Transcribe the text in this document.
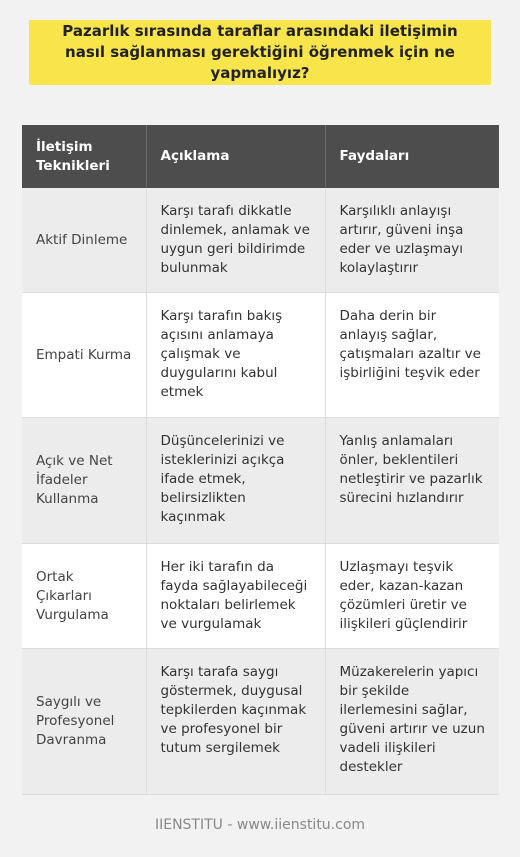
Pazarlık sırasında taraflar arasındaki iletişimin nasıl sağlanması gerektiğini öğrenmek için ne yapmalıyız?
İletişim Teknikleri	Açıklama	Faydaları
Aktif Dinleme	Karşı tarafı dikkatle dinlemek, anlamak ve uygun geri bildirimde bulunmak	Karşılıklı anlayışı artırır, güveni inşa eder ve uzlaşmayı kolaylaştırır
Empati Kurma	Karşı tarafın bakış açısını anlamaya çalışmak ve duygularını kabul etmek	Daha derin bir anlayış sağlar, çatışmaları azaltır ve işbirliğini teşvik eder
Açık ve Net İfadeler Kullanma	Düşüncelerinizi ve isteklerinizi açıkça ifade etmek, belirsizlikten kaçınmak	Yanlış anlamaları önler, beklentileri netleştirir ve pazarlık sürecini hızlandırır
Ortak Çıkarları Vurgulama	Her iki tarafın da fayda sağlayabileceği noktaları belirlemek ve vurgulamak	Uzlaşmayı teşvik eder, kazan-kazan çözümleri üretir ve ilişkileri güçlendirir
Saygılı ve Profesyonel Davranma	Karşı tarafa saygı göstermek, duygusal tepkilerden kaçınmak ve profesyonel bir tutum sergilemek	Müzakerelerin yapıcı bir şekilde ilerlemesini sağlar, güveni artırır ve uzun vadeli ilişkileri destekler
IIENSTITU - www.iienstitu.com
